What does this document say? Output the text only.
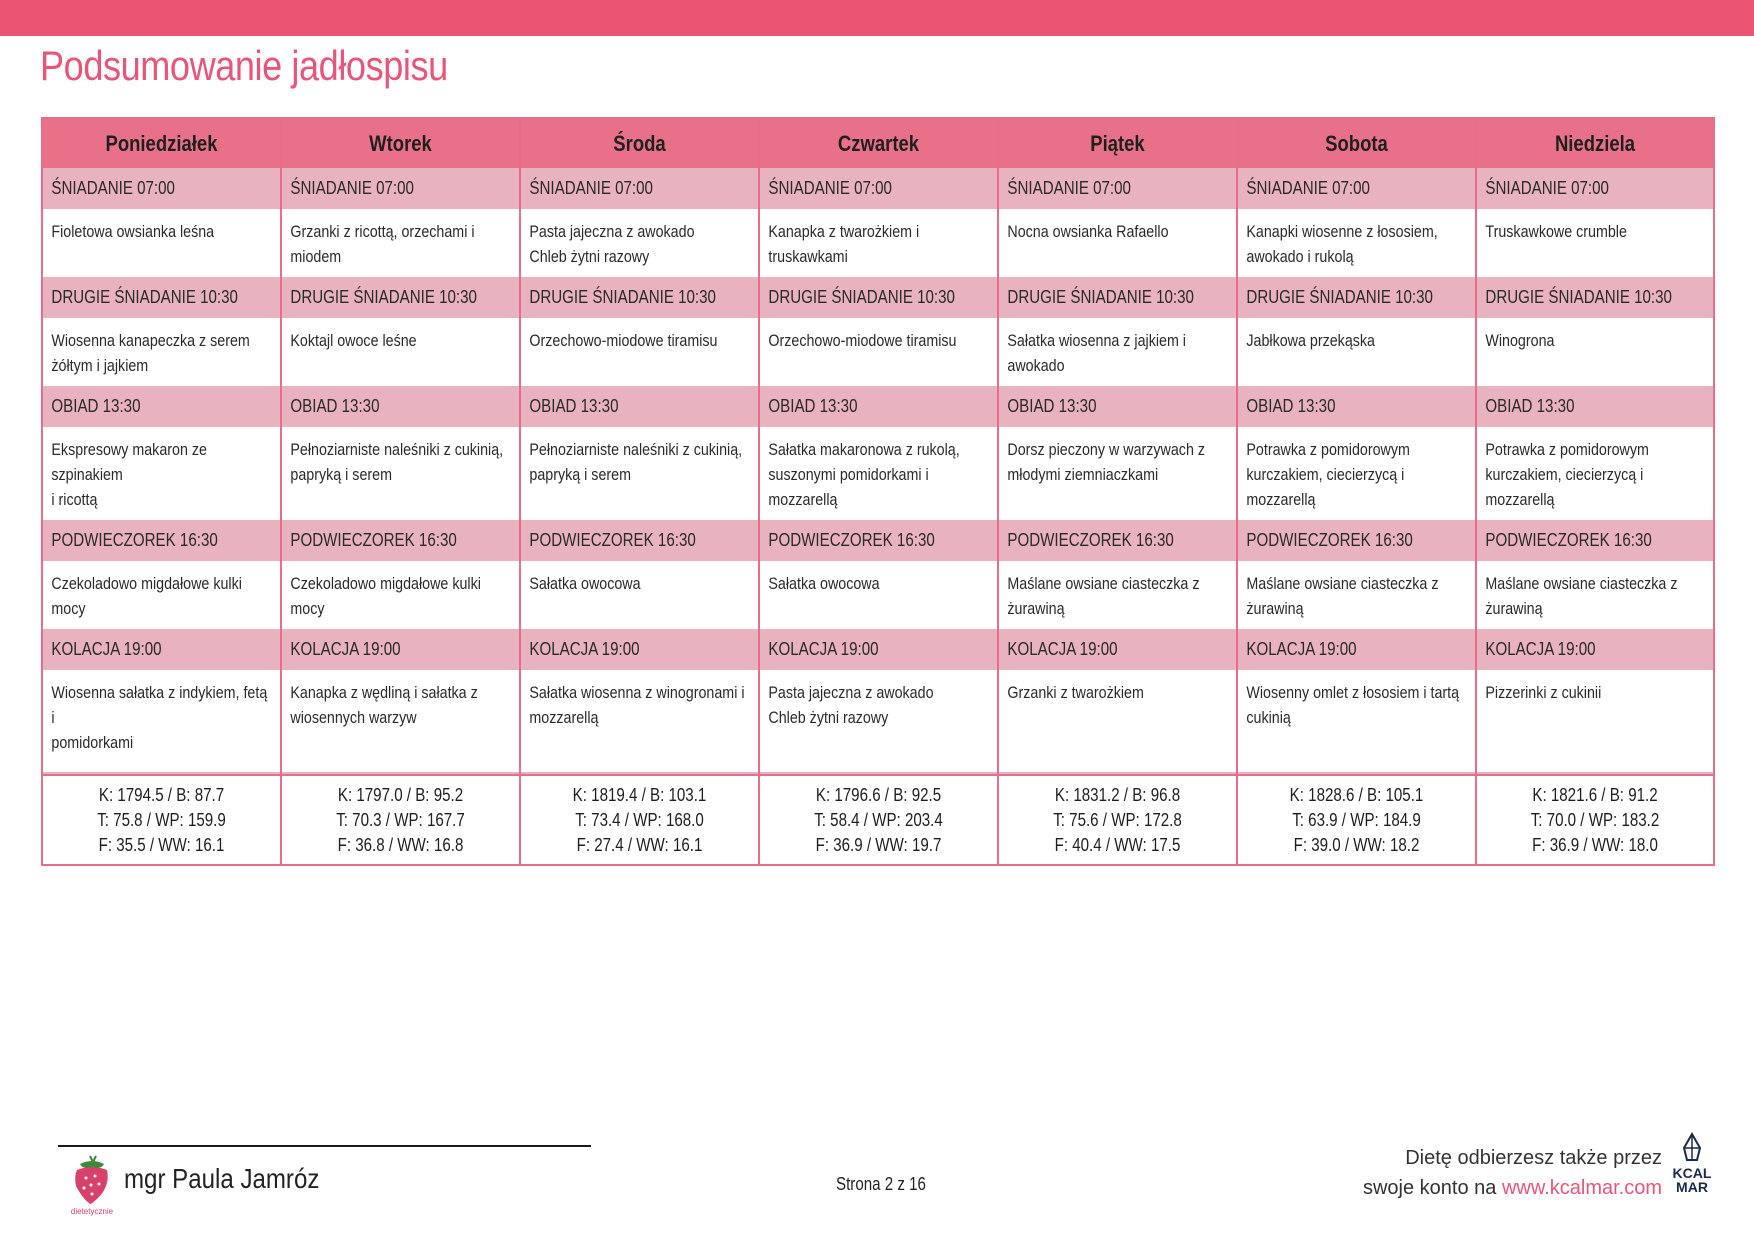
Podsumowanie jadłospisu
Poniedziałek	Wtorek	Środa	Czwartek	Piątek	Sobota	Niedziela

ŚNIADANIE 07:00	ŚNIADANIE 07:00	ŚNIADANIE 07:00	ŚNIADANIE 07:00	ŚNIADANIE 07:00	ŚNIADANIE 07:00	ŚNIADANIE 07:00

Fioletowa owsianka leśna	Grzanki z ricottą, orzechami i
miodem	Pasta jajeczna z awokado
Chleb żytni razowy	Kanapka z twarożkiem i
truskawkami	Nocna owsianka Rafaello	Kanapki wiosenne z łososiem,
awokado i rukolą	Truskawkowe crumble

DRUGIE ŚNIADANIE 10:30	DRUGIE ŚNIADANIE 10:30	DRUGIE ŚNIADANIE 10:30	DRUGIE ŚNIADANIE 10:30	DRUGIE ŚNIADANIE 10:30	DRUGIE ŚNIADANIE 10:30	DRUGIE ŚNIADANIE 10:30

Wiosenna kanapeczka z serem
żółtym i jajkiem	Koktajl owoce leśne	Orzechowo-miodowe tiramisu	Orzechowo-miodowe tiramisu	Sałatka wiosenna z jajkiem i
awokado	Jabłkowa przekąska	Winogrona

OBIAD 13:30	OBIAD 13:30	OBIAD 13:30	OBIAD 13:30	OBIAD 13:30	OBIAD 13:30	OBIAD 13:30

Ekspresowy makaron ze szpinakiem
i ricottą	Pełnoziarniste naleśniki z cukinią,
papryką i serem	Pełnoziarniste naleśniki z cukinią,
papryką i serem	Sałatka makaronowa z rukolą,
suszonymi pomidorkami i
mozzarellą	Dorsz pieczony w warzywach z
młodymi ziemniaczkami	Potrawka z pomidorowym
kurczakiem, ciecierzycą i
mozzarellą	Potrawka z pomidorowym
kurczakiem, ciecierzycą i
mozzarellą

PODWIECZOREK 16:30	PODWIECZOREK 16:30	PODWIECZOREK 16:30	PODWIECZOREK 16:30	PODWIECZOREK 16:30	PODWIECZOREK 16:30	PODWIECZOREK 16:30

Czekoladowo migdałowe kulki mocy	Czekoladowo migdałowe kulki mocy	Sałatka owocowa	Sałatka owocowa	Maślane owsiane ciasteczka z
żurawiną	Maślane owsiane ciasteczka z
żurawiną	Maślane owsiane ciasteczka z
żurawiną

KOLACJA 19:00	KOLACJA 19:00	KOLACJA 19:00	KOLACJA 19:00	KOLACJA 19:00	KOLACJA 19:00	KOLACJA 19:00

Wiosenna sałatka z indykiem, fetą i
pomidorkami	Kanapka z wędliną i sałatka z
wiosennych warzyw	Sałatka wiosenna z winogronami i
mozzarellą	Pasta jajeczna z awokado
Chleb żytni razowy	Grzanki z twarożkiem	Wiosenny omlet z łososiem i tartą
cukinią	Pizzerinki z cukinii

K: 1794.5 / B: 87.7
T: 75.8 / WP: 159.9
F: 35.5 / WW: 16.1	K: 1797.0 / B: 95.2
T: 70.3 / WP: 167.7
F: 36.8 / WW: 16.8	K: 1819.4 / B: 103.1
T: 73.4 / WP: 168.0
F: 27.4 / WW: 16.1	K: 1796.6 / B: 92.5
T: 58.4 / WP: 203.4
F: 36.9 / WW: 19.7	K: 1831.2 / B: 96.8
T: 75.6 / WP: 172.8
F: 40.4 / WW: 17.5	K: 1828.6 / B: 105.1
T: 63.9 / WP: 184.9
F: 39.0 / WW: 18.2	K: 1821.6 / B: 91.2
T: 70.0 / WP: 183.2
F: 36.9 / WW: 18.0
dietetycznie
mgr Paula Jamróz	Strona 2 z 16
Dietę odbierzesz także przez
swoje konto na www.kcalmar.com
KCAL
MAR
